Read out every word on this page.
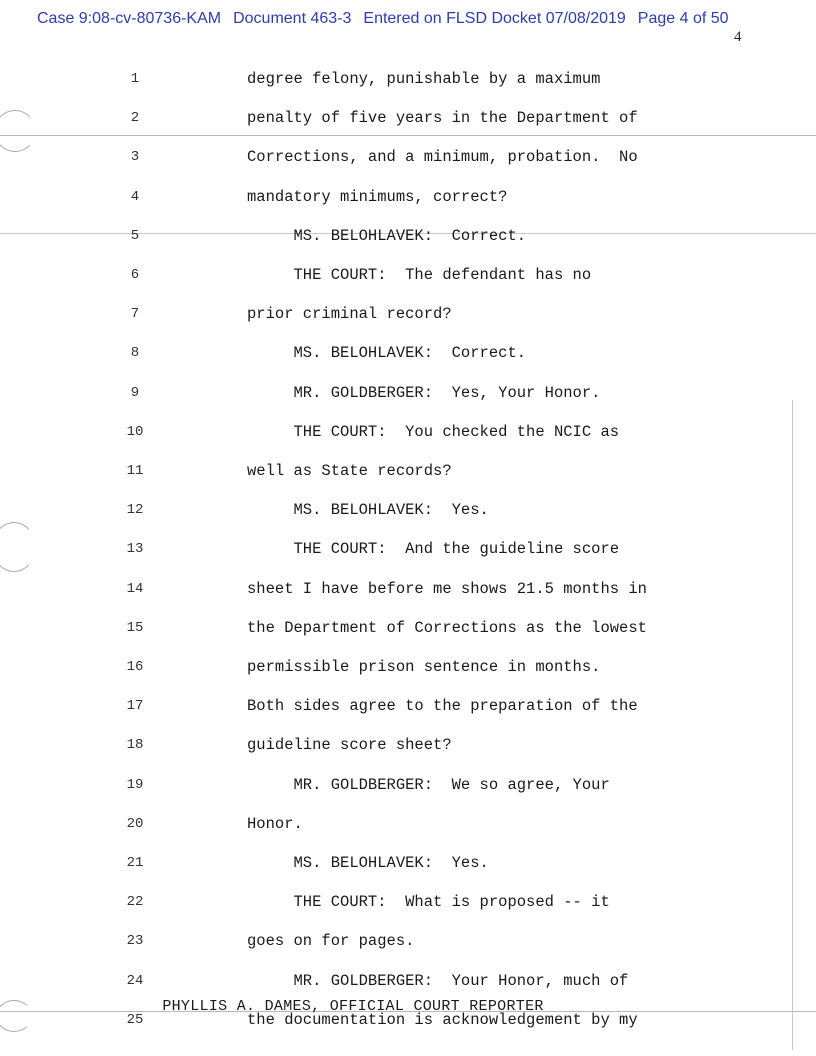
Case 9:08-cv-80736-KAM Document 463-3 Entered on FLSD Docket 07/08/2019 Page 4 of 50
4
1	degree felony, punishable by a maximum
2	penalty of five years in the Department of
3	Corrections, and a minimum, probation.  No
4	mandatory minimums, correct?
5	MS. BELOHLAVEK:  Correct.
6	THE COURT:  The defendant has no
7	prior criminal record?
8	MS. BELOHLAVEK:  Correct.
9	MR. GOLDBERGER:  Yes, Your Honor.
10	THE COURT:  You checked the NCIC as
11	well as State records?
12	MS. BELOHLAVEK:  Yes.
13	THE COURT:  And the guideline score
14	sheet I have before me shows 21.5 months in
15	the Department of Corrections as the lowest
16	permissible prison sentence in months.
17	Both sides agree to the preparation of the
18	guideline score sheet?
19	MR. GOLDBERGER:  We so agree, Your
20	Honor.
21	MS. BELOHLAVEK:  Yes.
22	THE COURT:  What is proposed -- it
23	goes on for pages.
24	MR. GOLDBERGER:  Your Honor, much of
25	the documentation is acknowledgement by my
PHYLLIS A. DAMES, OFFICIAL COURT REPORTER
